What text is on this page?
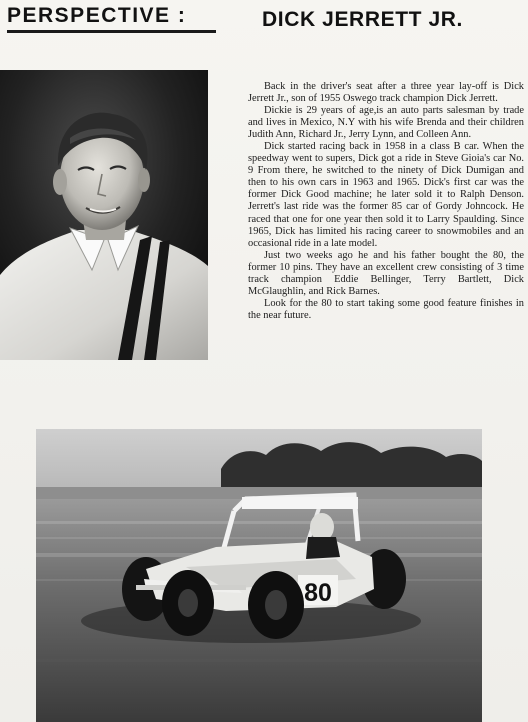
PERSPECTIVE :	DICK JERRETT JR.

Back in the driver's seat after a three year lay-off is Dick Jerrett Jr., son of 1955 Oswego track champion Dick Jerrett.

Dickie is 29 years of age,is an auto parts salesman by trade and lives in Mexico, N.Y with his wife Brenda and their children Judith Ann, Richard Jr., Jerry Lynn, and Colleen Ann.

Dick started racing back in 1958 in a class B car. When the speedway went to supers, Dick got a ride in Steve Gioia's car No. 9 From there, he switched to the ninety of Dick Dumigan and then to his own cars in 1963 and 1965. Dick's first car was the former Dick Good machine; he later sold it to Ralph Denson. Jerrett's last ride was the former 85 car of Gordy Johncock. He raced that one for one year then sold it to Larry Spaulding. Since 1965, Dick has limited his racing career to snowmobiles and an occasional ride in a late model.

Just two weeks ago he and his father bought the 80, the former 10 pins. They have an excellent crew consisting of 3 time track champion Eddie Bellinger, Terry Bartlett, Dick McGlaughlin, and Rick Barnes.

Look for the 80 to start taking some good feature finishes in the near future.

80
